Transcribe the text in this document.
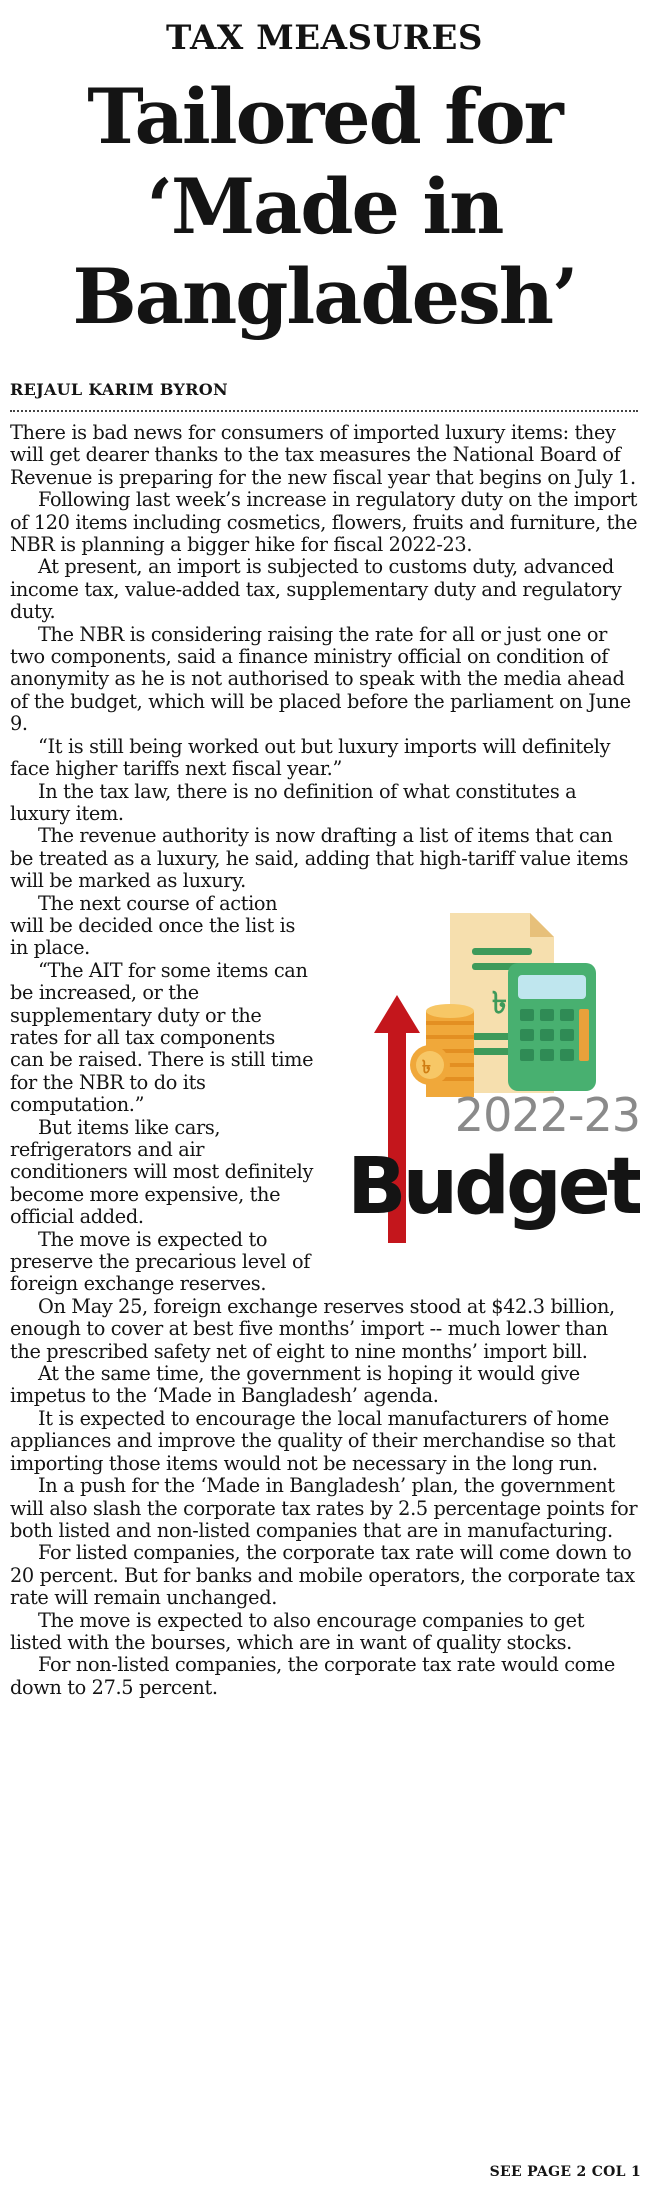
TAX MEASURES
Tailored for ‘Made in Bangladesh’
REJAUL KARIM BYRON

There is bad news for consumers of imported luxury items: they will get dearer thanks to the tax measures the National Board of Revenue is preparing for the new fiscal year that begins on July 1.

Following last week’s increase in regulatory duty on the import of 120 items including cosmetics, flowers, fruits and furniture, the NBR is planning a bigger hike for fiscal 2022-23.

At present, an import is subjected to customs duty, advanced income tax, value-added tax, supplementary duty and regulatory duty.

The NBR is considering raising the rate for all or just one or two components, said a finance ministry official on condition of anonymity as he is not authorised to speak with the media ahead of the budget, which will be placed before the parliament on June 9.

“It is still being worked out but luxury imports will definitely face higher tariffs next fiscal year.”

In the tax law, there is no definition of what constitutes a luxury item.

The revenue authority is now drafting a list of items that can be treated as a luxury, he said, adding that high-tariff value items will be marked as luxury.

৳
৳
2022-23
Budget

The next course of action will be decided once the list is in place.

“The AIT for some items can be increased, or the supplementary duty or the rates for all tax components can be raised. There is still time for the NBR to do its computation.”

But items like cars, refrigerators and air conditioners will most definitely become more expensive, the official added.

The move is expected to preserve the precarious level of foreign exchange reserves.

On May 25, foreign exchange reserves stood at $42.3 billion, enough to cover at best five months’ import -- much lower than the prescribed safety net of eight to nine months’ import bill.

At the same time, the government is hoping it would give impetus to the ‘Made in Bangladesh’ agenda.

It is expected to encourage the local manufacturers of home appliances and improve the quality of their merchandise so that importing those items would not be necessary in the long run.

In a push for the ‘Made in Bangladesh’ plan, the government will also slash the corporate tax rates by 2.5 percentage points for both listed and non-listed companies that are in manufacturing.

For listed companies, the corporate tax rate will come down to 20 percent. But for banks and mobile operators, the corporate tax rate will remain unchanged.

The move is expected to also encourage companies to get listed with the bourses, which are in want of quality stocks.

For non-listed companies, the corporate tax rate would come down to 27.5 percent.

SEE PAGE 2 COL 1
